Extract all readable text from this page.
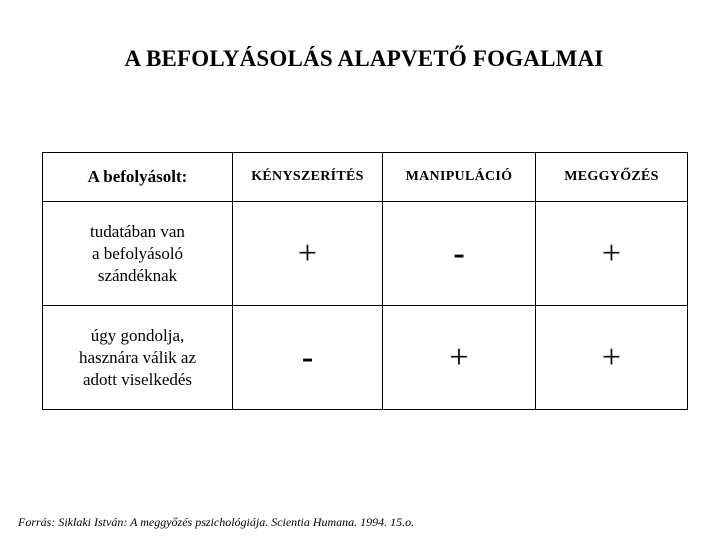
A BEFOLYÁSOLÁS ALAPVETŐ FOGALMAI
A befolyásolt:	KÉNYSZERÍTÉS	MANIPULÁCIÓ	MEGGYŐZÉS

tudatában van
a befolyásoló
szándéknak	+	-	+

úgy gondolja,
hasznára válik az
adott viselkedés	-	+	+
Forrás: Siklaki István: A meggyőzés pszichológiája. Scientia Humana. 1994. 15.o.
